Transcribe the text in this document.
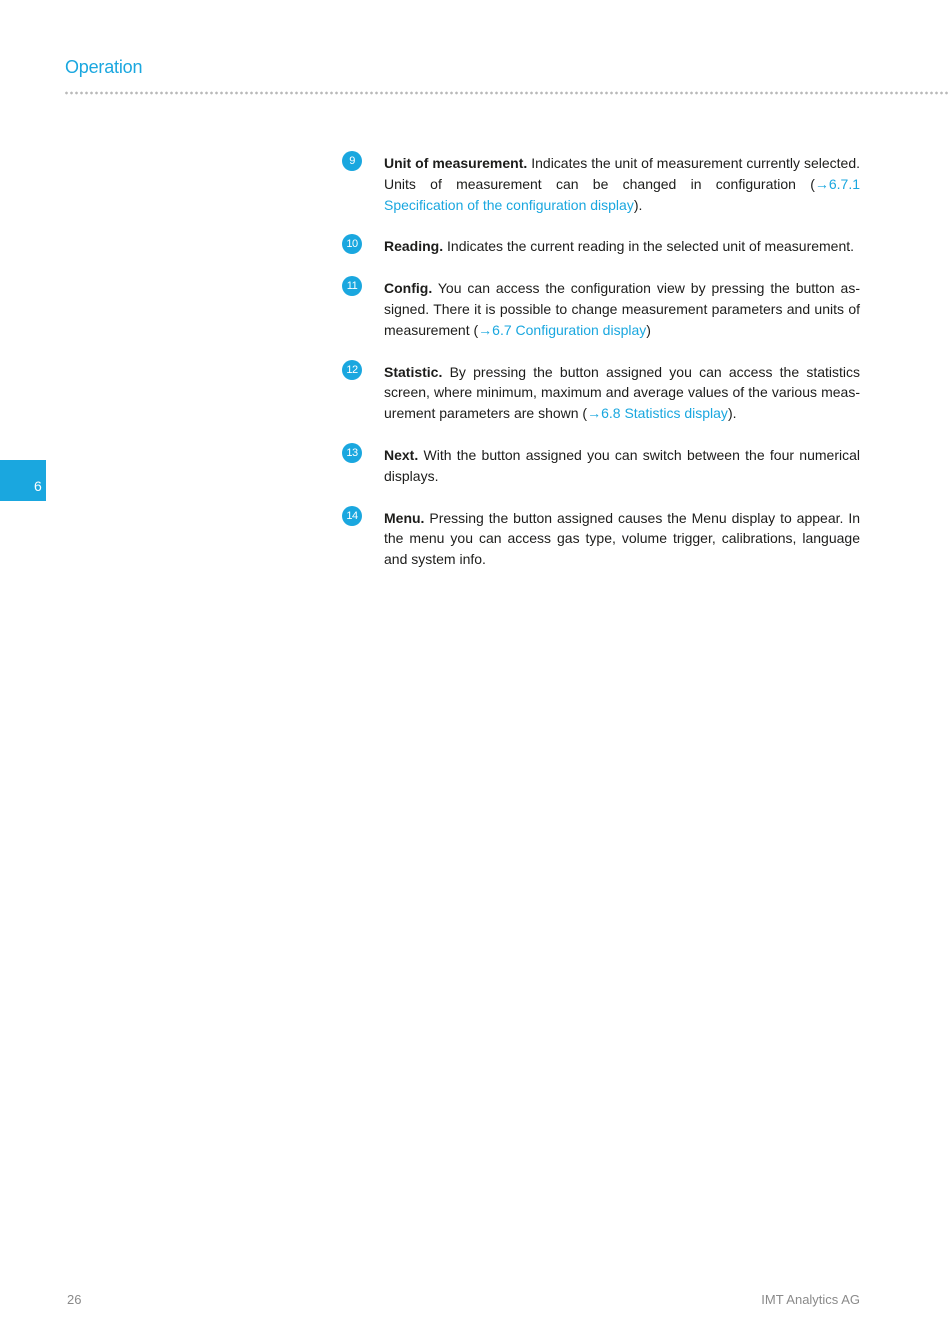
Operation
6
9	Unit of measurement. Indicates the unit of measurement currently selected. Units of measurement can be changed in configuration (→6.7.1 Specification of the configuration display).
10	Reading. Indicates the current reading in the selected unit of measurement.
11	Config. You can access the configuration view by pressing the button assigned. There it is possible to change measurement parameters and units of measurement (→6.7 Configuration display)
12	Statistic. By pressing the button assigned you can access the statistics screen, where minimum, maximum and average values of the various measurement parameters are shown (→6.8 Statistics display).
13	Next. With the button assigned you can switch between the four numerical displays.
14	Menu. Pressing the button assigned causes the Menu display to appear. In the menu you can access gas type, volume trigger, calibrations, language and system info.
26	IMT Analytics AG
